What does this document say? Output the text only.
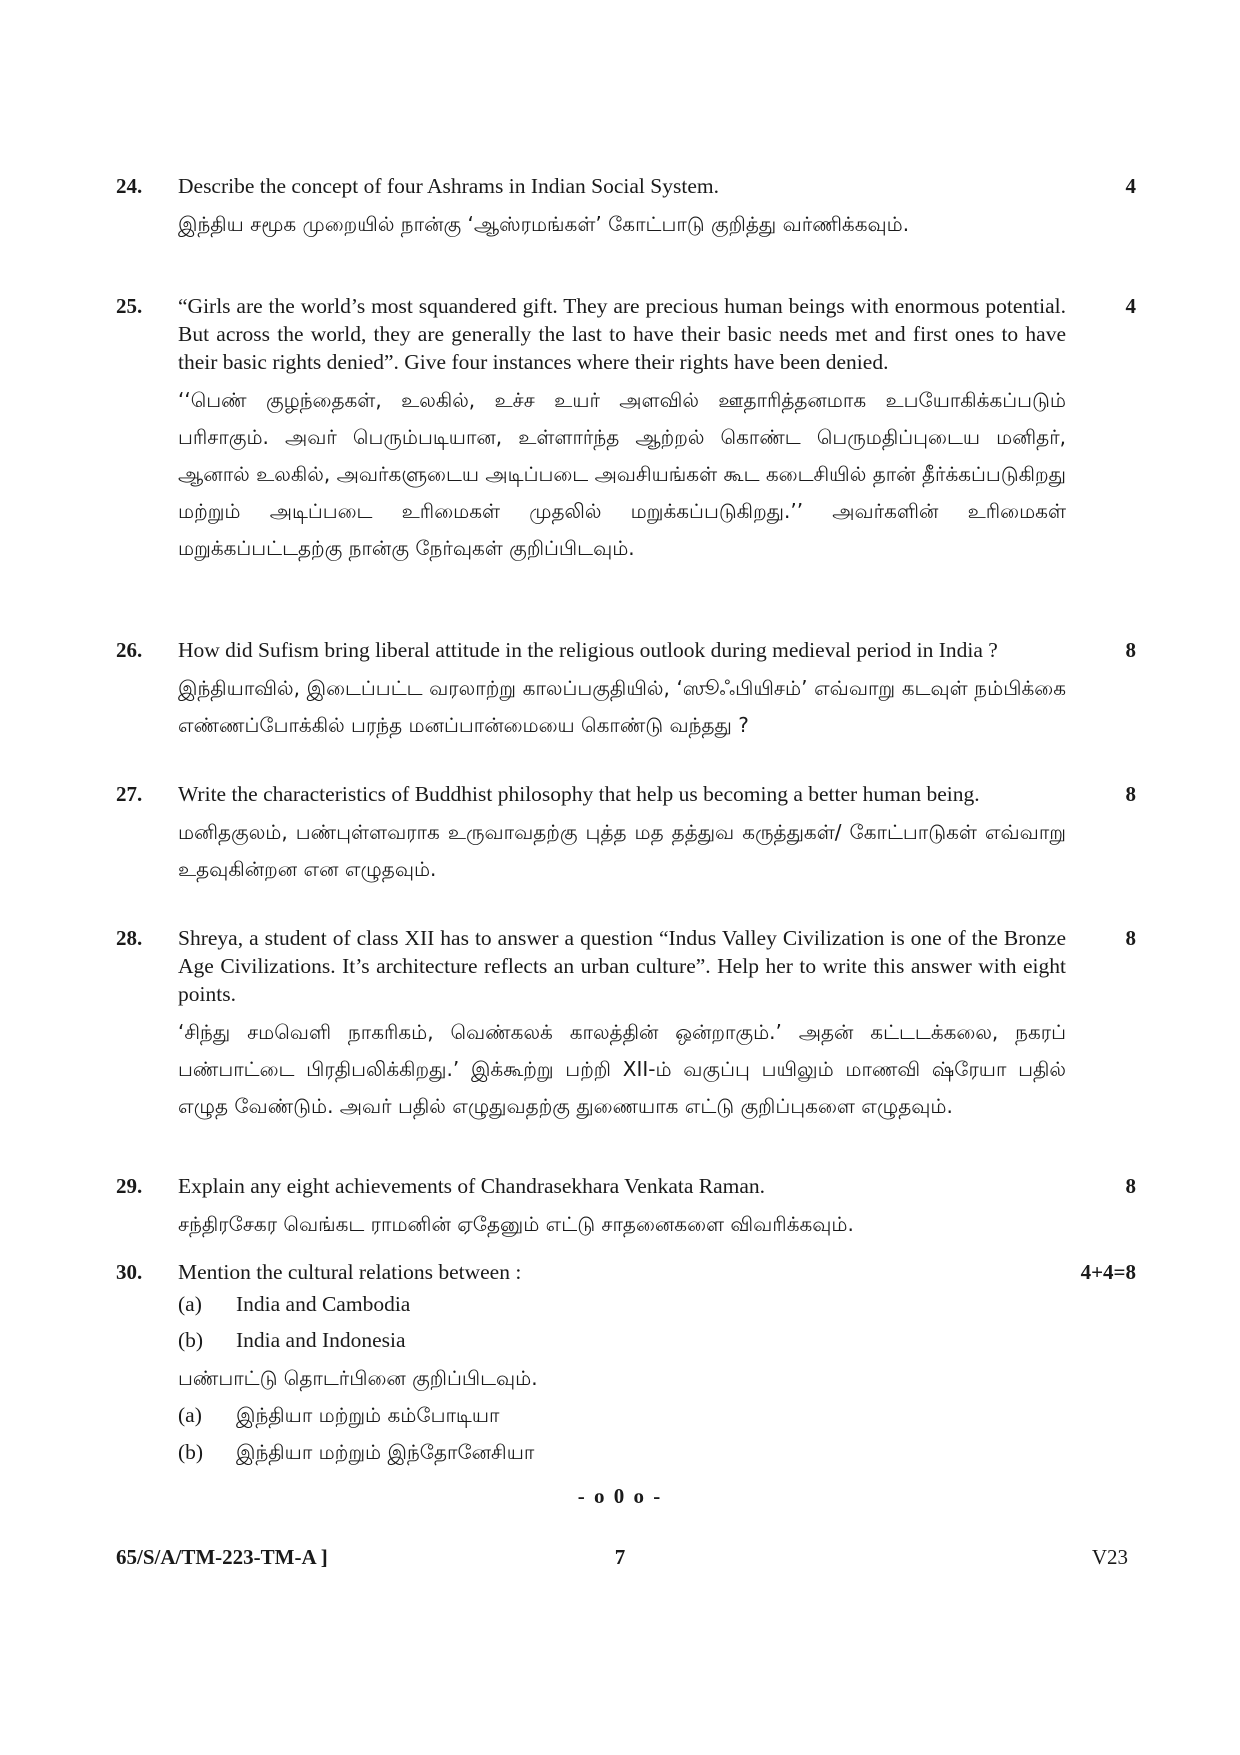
24. Describe the concept of four Ashrams in Indian Social System.

இந்திய சமூக முறையில் நான்கு ‘ஆஸ்ரமங்கள்’ கோட்பாடு குறித்து வர்ணிக்கவும்.

4
25. “Girls are the world’s most squandered gift. They are precious human beings with enormous potential. But across the world, they are generally the last to have their basic needs met and first ones to have their basic rights denied”. Give four instances where their rights have been denied.

‘‘பெண் குழந்தைகள், உலகில், உச்ச உயர் அளவில் ஊதாரித்தனமாக உபயோகிக்கப்படும் பரிசாகும். அவர் பெரும்படியான, உள்ளார்ந்த ஆற்றல் கொண்ட பெருமதிப்புடைய மனிதர், ஆனால் உலகில், அவர்களுடைய அடிப்படை அவசியங்கள் கூட கடைசியில் தான் தீர்க்கப்படுகிறது மற்றும் அடிப்படை உரிமைகள் முதலில் மறுக்கப்படுகிறது.’’ அவர்களின் உரிமைகள் மறுக்கப்பட்டதற்கு நான்கு நேர்வுகள் குறிப்பிடவும்.

4
26. How did Sufism bring liberal attitude in the religious outlook during medieval period in India ?

இந்தியாவில், இடைப்பட்ட வரலாற்று காலப்பகுதியில், ‘ஸூஃபியிசம்’ எவ்வாறு கடவுள் நம்பிக்கை எண்ணப்போக்கில் பரந்த மனப்பான்மையை கொண்டு வந்தது ?

8
27. Write the characteristics of Buddhist philosophy that help us becoming a better human being.

மனிதகுலம், பண்புள்ளவராக உருவாவதற்கு புத்த மத தத்துவ கருத்துகள்/ கோட்பாடுகள் எவ்வாறு உதவுகின்றன என எழுதவும்.

8
28. Shreya, a student of class XII has to answer a question “Indus Valley Civilization is one of the Bronze Age Civilizations. It’s architecture reflects an urban culture”. Help her to write this answer with eight points.

‘சிந்து சமவெளி நாகரிகம், வெண்கலக் காலத்தின் ஒன்றாகும்.’ அதன் கட்டடக்கலை, நகரப் பண்பாட்டை பிரதிபலிக்கிறது.’ இக்கூற்று பற்றி XII-ம் வகுப்பு பயிலும் மாணவி ஷ்ரேயா பதில் எழுத வேண்டும். அவர் பதில் எழுதுவதற்கு துணையாக எட்டு குறிப்புகளை எழுதவும்.

8
29. Explain any eight achievements of Chandrasekhara Venkata Raman.

சந்திரசேகர வெங்கட ராமனின் ஏதேனும் எட்டு சாதனைகளை விவரிக்கவும்.

8
30. Mention the cultural relations between :

(a)	India and Cambodia
(b)	India and Indonesia

பண்பாட்டு தொடர்பினை குறிப்பிடவும்.

(a)	இந்தியா மற்றும் கம்போடியா
(b)	இந்தியா மற்றும் இந்தோனேசியா
4+4=8
- o 0 o -
65/S/A/TM-223-TM-A ]	7	V23
